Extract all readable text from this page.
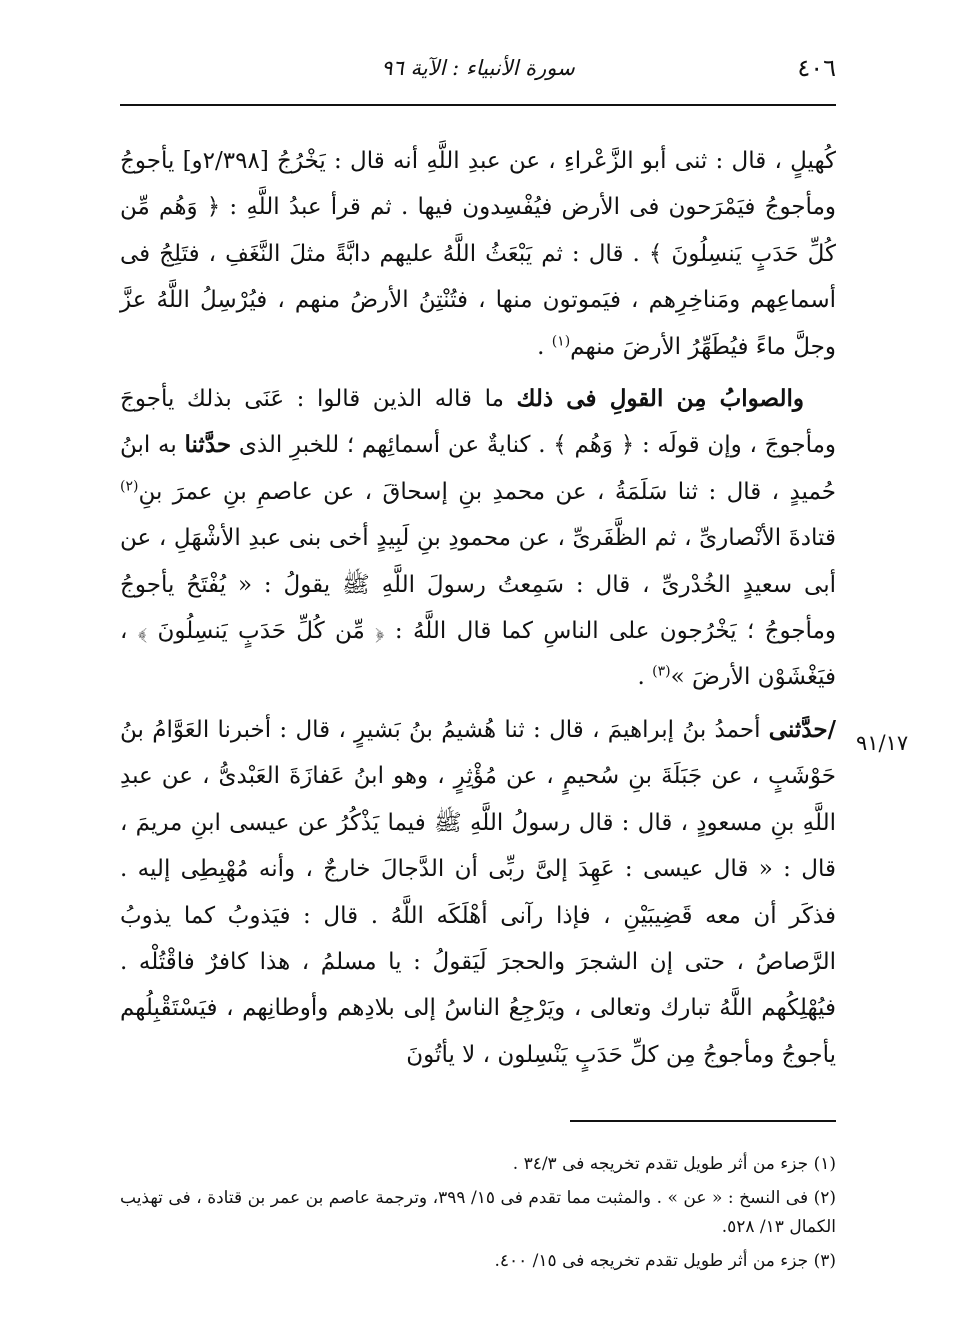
٤٠٦
سورة الأنبياء : الآية ٩٦

كُهيلٍ ، قال : ثنى أبو الزَّعْراءِ ، عن عبدِ اللَّهِ أنه قال : يَخْرُجُ [٢/٣٩٨و] يأجوجُ ومأجوجُ فيَمْرَحون فى الأرض فيُفْسِدون فيها . ثم قرأ عبدُ اللَّهِ : ﴿ وَهُم مِّن كُلِّ حَدَبٍ يَنسِلُونَ ﴾ . قال : ثم يَبْعَثُ اللَّهُ عليهم دابَّةً مثلَ النَّغَفِ ، فتَلِجُ فى أسماعِهم ومَناخِرِهم ، فيَموتون منها ، فتُنْتِنُ الأرضُ منهم ، فيُرْسِلُ اللَّهُ عزَّ وجلَّ ماءً فيُطَهِّرُ الأرضَ منهم$^{(١)}$ .

والصوابُ مِن القولِ فى ذلك ما قاله الذين قالوا : عَنَى بذلك يأجوجَ ومأجوجَ ، وإن قولَه : ﴿ وَهُم ﴾ . كنايةٌ عن أسمائِهم ؛ للخبرِ الذى حدَّثنا به ابنُ حُميدٍ ، قال : ثنا سَلَمَةُ ، عن محمدِ بنِ إسحاقَ ، عن عاصمِ بنِ عمرَ بنِ$^{(٢)}$ قتادةَ الأنْصارىِّ ، ثم الظَّفَرىِّ ، عن محمودِ بنِ لَبِيدٍ أخى بنى عبدِ الأشْهَلِ ، عن أبى سعيدٍ الخُدْرىِّ ، قال : سَمِعتُ رسولَ اللَّهِ ﷺ يقولُ : « يُفْتَحُ يأجوجُ ومأجوجُ ؛ يَخْرُجون على الناسِ كما قال اللَّهُ : ﴿ مِّن كُلِّ حَدَبٍ يَنسِلُونَ ﴾ ، فيَغْشَوْن الأرضَ »$^{(٣)}$ .

/حدَّثنى أحمدُ بنُ إبراهيمَ ، قال : ثنا هُشيمُ بنُ بَشيرٍ ، قال : أخبرنا العَوَّامُ بنُ حَوْشَبٍ ، عن جَبَلَةَ بنِ سُحيمٍ ، عن مُؤْثِرٍ ، وهو ابنُ عَفازَةَ العَبْدىُّ ، عن عبدِ اللَّهِ بنِ مسعودٍ ، قال : قال رسولُ اللَّهِ ﷺ فيما يَذْكُرُ عن عيسى ابنِ مريمَ ، قال : « قال عيسى : عَهِدَ إلىَّ ربِّى أن الدَّجالَ خارجٌ ، وأنه مُهْبِطِى إليه . فذكَر أن معه قَضِيبَيْنِ ، فإذا رآنى أهْلَكَه اللَّهُ . قال : فيَذوبُ كما يذوبُ الرَّصاصُ ، حتى إن الشجرَ والحجرَ لَيَقولُ : يا مسلمُ ، هذا كافرٌ فاقْتُلْه . فيُهْلِكُهم اللَّهُ تبارك وتعالى ، ويَرْجِعُ الناسُ إلى بلادِهم وأوطانِهم ، فيَسْتَقْبِلُهم يأجوجُ ومأجوجُ مِن كلِّ حَدَبٍ يَنْسِلون ، لا يأتُونَ

٩١/١٧

(١) جزء من أثر طويل تقدم تخريجه فى ٣٤/٣ .

(٢) فى النسخ : « عن » . والمثبت مما تقدم فى ١٥/ ٣٩٩، وترجمة عاصم بن عمر بن قتادة ، فى تهذيب الكمال ١٣/ ٥٢٨.

(٣) جزء من أثر طويل تقدم تخريجه فى ١٥/ ٤٠٠.
